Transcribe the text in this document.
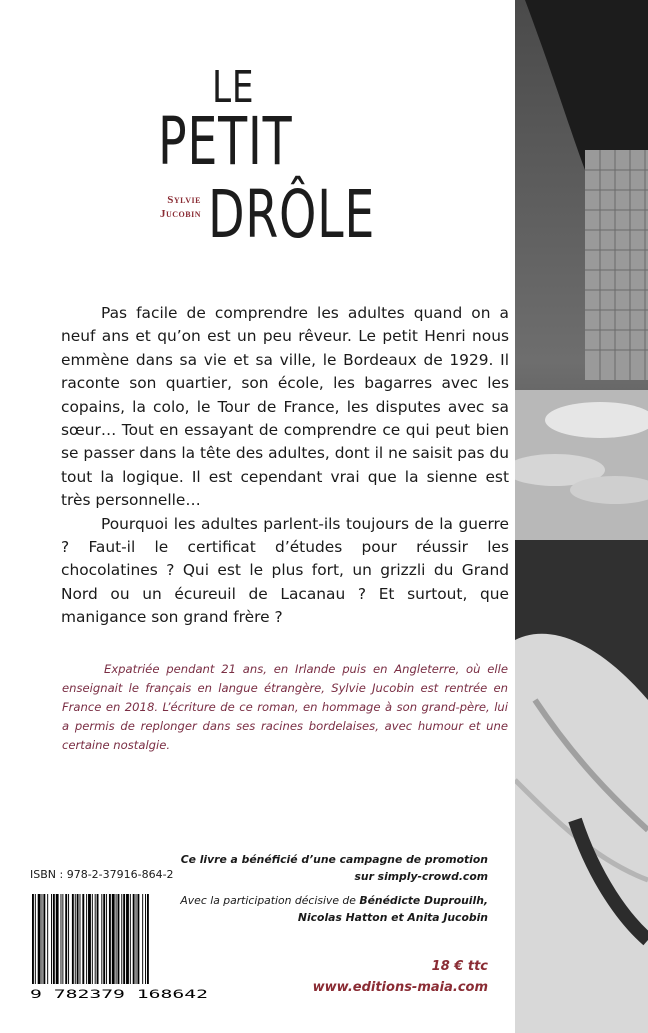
LE
PETIT
DRÔLE
Sylvie
Jucobin

Pas facile de comprendre les adultes quand on a neuf ans et qu’on est un peu rêveur. Le petit Henri nous emmène dans sa vie et sa ville, le Bordeaux de 1929. Il raconte son quartier, son école, les bagarres avec les copains, la colo, le Tour de France, les disputes avec sa sœur… Tout en essayant de comprendre ce qui peut bien se passer dans la tête des adultes, dont il ne saisit pas du tout la logique. Il est cependant vrai que la sienne est très personnelle…

Pourquoi les adultes parlent-ils toujours de la guerre ? Faut-il le certificat d’études pour réussir les chocolatines ? Qui est le plus fort, un grizzli du Grand Nord ou un écureuil de Lacanau ? Et surtout, que manigance son grand frère ?

Expatriée pendant 21 ans, en Irlande puis en Angleterre, où elle enseignait le français en langue étrangère, Sylvie Jucobin est rentrée en France en 2018. L’écriture de ce roman, en hommage à son grand-père, lui a permis de replonger dans ses racines bordelaises, avec humour et une certaine nostalgie.

ISBN : 978-2-37916-864-2
9 782379 168642
Ce livre a bénéficié d’une campagne de promotion
sur simply-crowd.com
Avec la participation décisive de Bénédicte Duprouilh,
Nicolas Hatton et Anita Jucobin
18 € ttc
www.editions-maia.com
